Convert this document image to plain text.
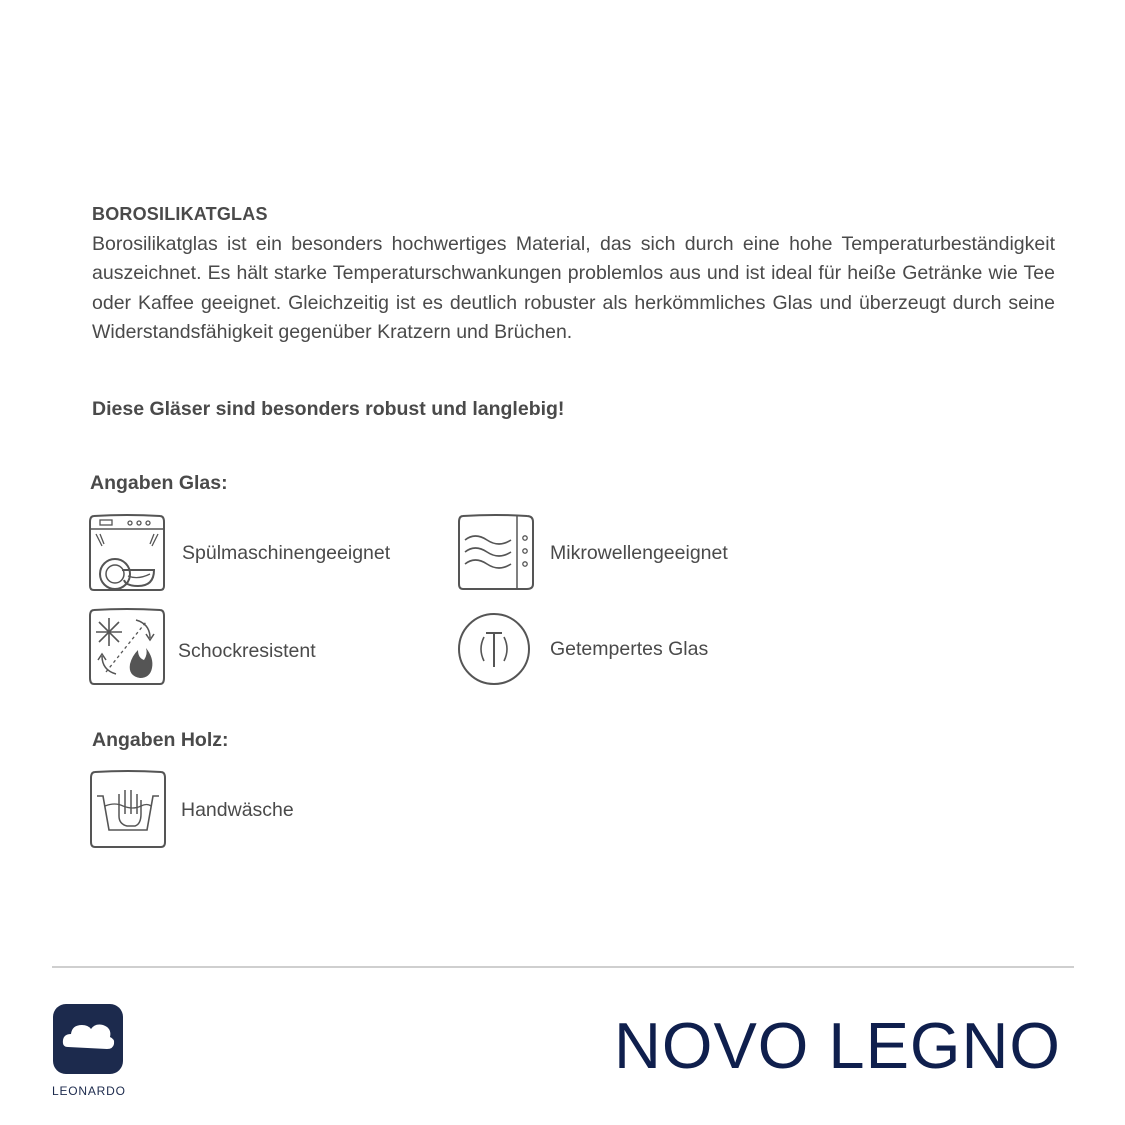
BOROSILIKATGLAS

Borosilikatglas ist ein besonders hochwertiges Material, das sich durch eine hohe Temperaturbeständigkeit auszeichnet. Es hält starke Temperaturschwankungen problemlos aus und ist ideal für heiße Getränke wie Tee oder Kaffee geeignet. Gleichzeitig ist es deutlich robuster als herkömmliches Glas und überzeugt durch seine Widerstandsfähigkeit gegenüber Kratzern und Brüchen.

Diese Gläser sind besonders robust und langlebig!

Angaben Glas:
Spülmaschinengeeignet	Mikrowellengeeignet
Schockresistent	Getempertes Glas
Angaben Holz:
Handwäsche
LEONARDO
NOVO LEGNO
